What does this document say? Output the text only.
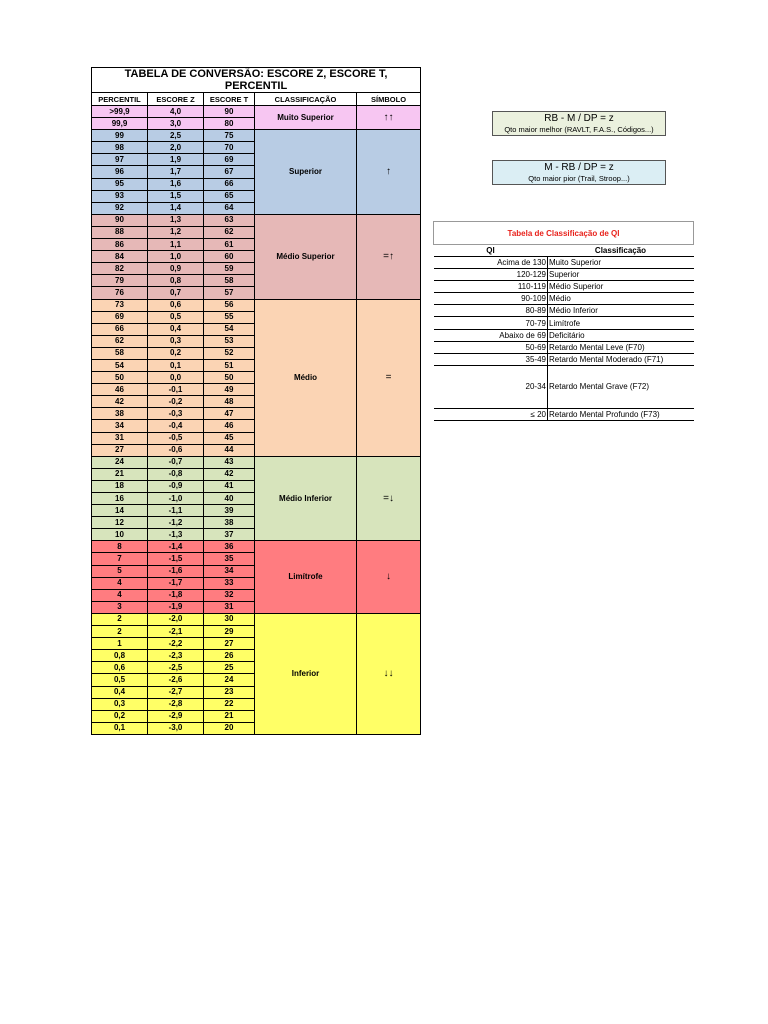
TABELA DE CONVERSÃO: ESCORE Z, ESCORE T, PERCENTIL				
PERCENTIL	ESCORE Z	ESCORE T	CLASSIFICAÇÃO	SÍMBOLO
>99,9	4,0	90	Muito Superior	↑↑
99,9	3,0	80		
99	2,5	75	Superior	↑
98	2,0	70		
97	1,9	69		
96	1,7	67		
95	1,6	66		
93	1,5	65		
92	1,4	64		
90	1,3	63	Médio Superior	=↑
88	1,2	62		
86	1,1	61		
84	1,0	60		
82	0,9	59		
79	0,8	58		
76	0,7	57		
73	0,6	56	Médio	=
69	0,5	55		
66	0,4	54		
62	0,3	53		
58	0,2	52		
54	0,1	51		
50	0,0	50		
46	-0,1	49		
42	-0,2	48		
38	-0,3	47		
34	-0,4	46		
31	-0,5	45		
27	-0,6	44		
24	-0,7	43	Médio Inferior	=↓
21	-0,8	42		
18	-0,9	41		
16	-1,0	40		
14	-1,1	39		
12	-1,2	38		
10	-1,3	37		
8	-1,4	36	Limítrofe	↓
7	-1,5	35		
5	-1,6	34		
4	-1,7	33		
4	-1,8	32		
3	-1,9	31		
2	-2,0	30	Inferior	↓↓
2	-2,1	29		
1	-2,2	27		
0,8	-2,3	26		
0,6	-2,5	25		
0,5	-2,6	24		
0,4	-2,7	23		
0,3	-2,8	22		
0,2	-2,9	21		
0,1	-3,0	20		
RB - M / DP = z
Qto maior melhor (RAVLT, F.A.S., Códigos...)
M - RB / DP = z
Qto maior pior (Trail, Stroop...)
Tabela de Classificação de QI	
QI	Classificação
Acima de 130	Muito Superior
120-129	Superior
110-119	Médio Superior
90-109	Médio
80-89	Médio Inferior
70-79	Limítrofe
Abaixo de 69	Deficitário
50-69	Retardo Mental Leve (F70)
35-49	Retardo Mental Moderado (F71)
20-34	Retardo Mental Grave (F72)
≤ 20	Retardo Mental Profundo (F73)
